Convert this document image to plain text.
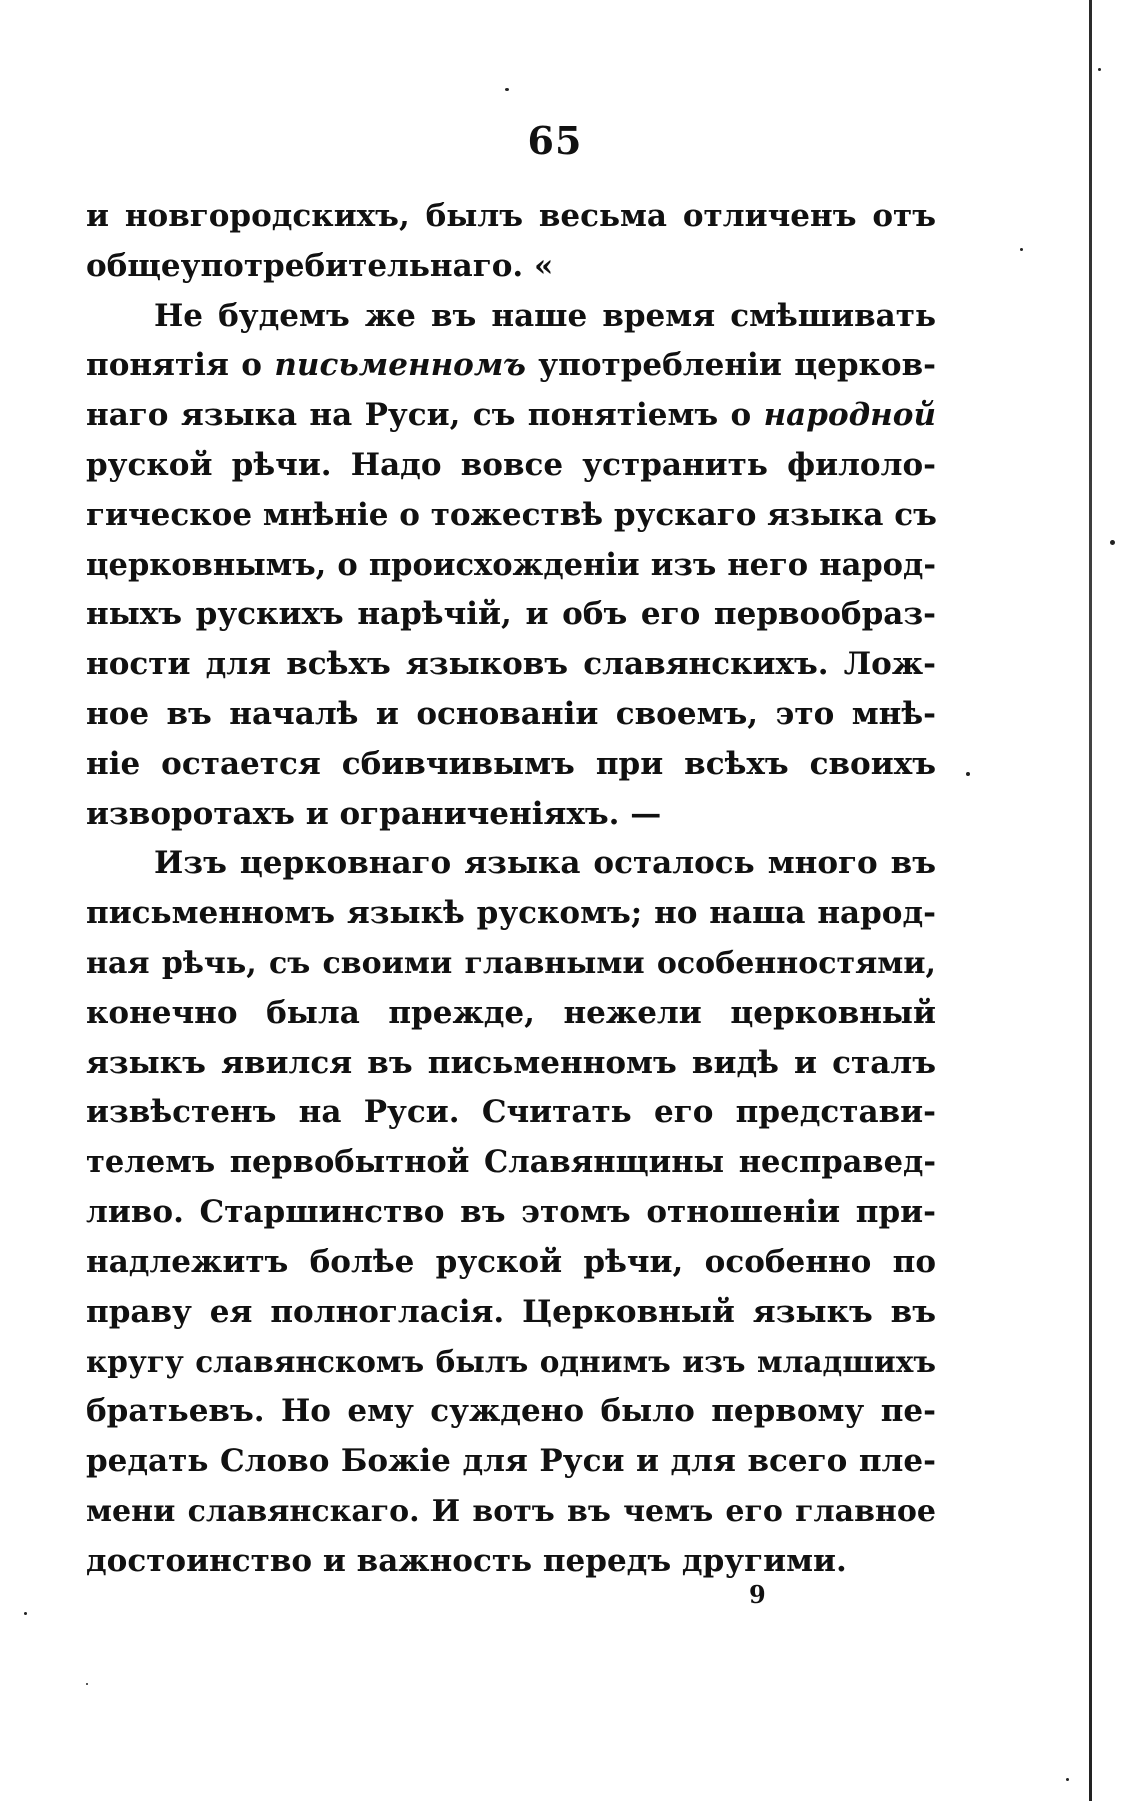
65
и новгородскихъ, былъ весьма отличенъ отъ
общеупотребительнаго. «
Не будемъ же въ наше время смѣшивать
понятія о письменномъ употребленіи церков-
наго языка на Руси, съ понятіемъ о народной
руской рѣчи. Надо вовсе устранить филоло-
гическое мнѣніе о тожествѣ рускаго языка съ
церковнымъ, о происхожденіи изъ него народ-
ныхъ рускихъ нарѣчій, и объ его первообраз-
ности для всѣхъ языковъ славянскихъ. Лож-
ное въ началѣ и основаніи своемъ, это мнѣ-
ніе остается сбивчивымъ при всѣхъ своихъ
изворотахъ и ограниченіяхъ. —
Изъ церковнаго языка осталось много въ
письменномъ языкѣ рускомъ; но наша народ-
ная рѣчь, съ своими главными особенностями,
конечно была прежде, нежели церковный
языкъ явился въ письменномъ видѣ и сталъ
извѣстенъ на Руси. Считать его представи-
телемъ первобытной Славянщины несправед-
ливо. Старшинство въ этомъ отношеніи при-
надлежитъ болѣе руской рѣчи, особенно по
праву ея полногласія. Церковный языкъ въ
кругу славянскомъ былъ однимъ изъ младшихъ
братьевъ. Но ему суждено было первому пе-
редать Слово Божіе для Руси и для всего пле-
мени славянскаго. И вотъ въ чемъ его главное
достоинство и важность передъ другими.
9
